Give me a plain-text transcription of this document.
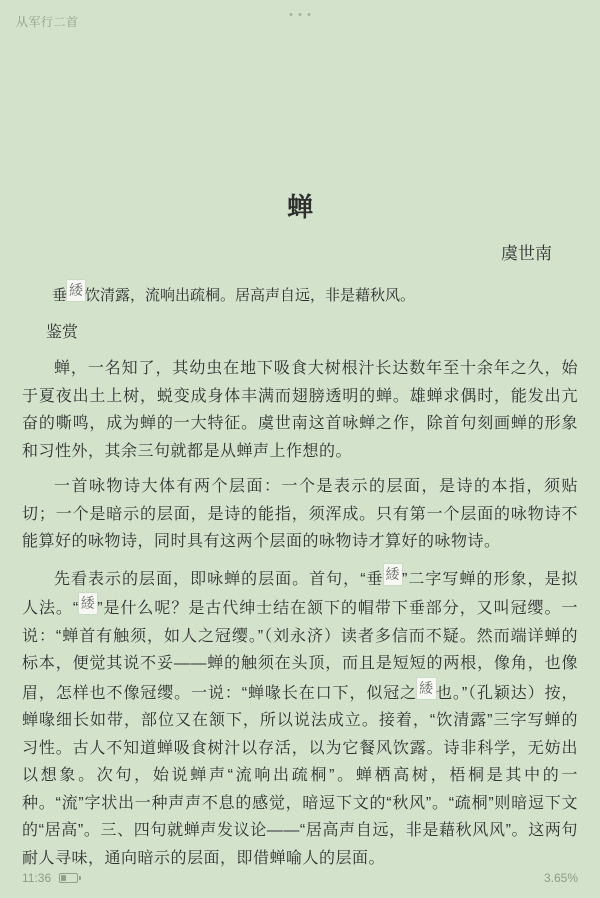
从军行二首
蝉
虞世南
垂 緌 饮清露，流响出疏桐。居高声自远，非是藉秋风。
鉴赏
蝉，一名知了，其幼虫在地下吸食大树根汁长达数年至十余年之久，始于夏夜出土上树，蜕变成身体丰满而翅膀透明的蝉。雄蝉求偶时，能发出亢奋的嘶鸣，成为蝉的一大特征。虞世南这首咏蝉之作，除首句刻画蝉的形象和习性外，其余三句就都是从蝉声上作想的。
一首咏物诗大体有两个层面：一个是表示的层面，是诗的本指，须贴切；一个是暗示的层面，是诗的能指，须浑成。只有第一个层面的咏物诗不能算好的咏物诗，同时具有这两个层面的咏物诗才算好的咏物诗。
先看表示的层面，即咏蝉的层面。首句，“垂 緌 ”二字写蝉的形象，是拟人法。“ 緌 ”是什么呢？是古代绅士结在颔下的帽带下垂部分，又叫冠缨。一说：“蝉首有触须，如人之冠缨。”（刘永济）读者多信而不疑。然而端详蝉的标本，便觉其说不妥——蝉的触须在头顶，而且是短短的两根，像角，也像眉，怎样也不像冠缨。一说：“蝉喙长在口下，似冠之 緌 也。”（孔颖达）按，蝉喙细长如带，部位又在颔下，所以说法成立。接着，“饮清露”三字写蝉的习性。古人不知道蝉吸食树汁以存活，以为它餐风饮露。诗非科学，无妨出以想象。次句，始说蝉声“流响出疏桐”。蝉栖高树，梧桐是其中的一种。“流”字状出一种声声不息的感觉，暗逗下文的“秋风”。“疏桐”则暗逗下文的“居高”。三、四句就蝉声发议论——“居高声自远，非是藉秋风风”。这两句耐人寻味，通向暗示的层面，即借蝉喻人的层面。
11:36	3.65%
